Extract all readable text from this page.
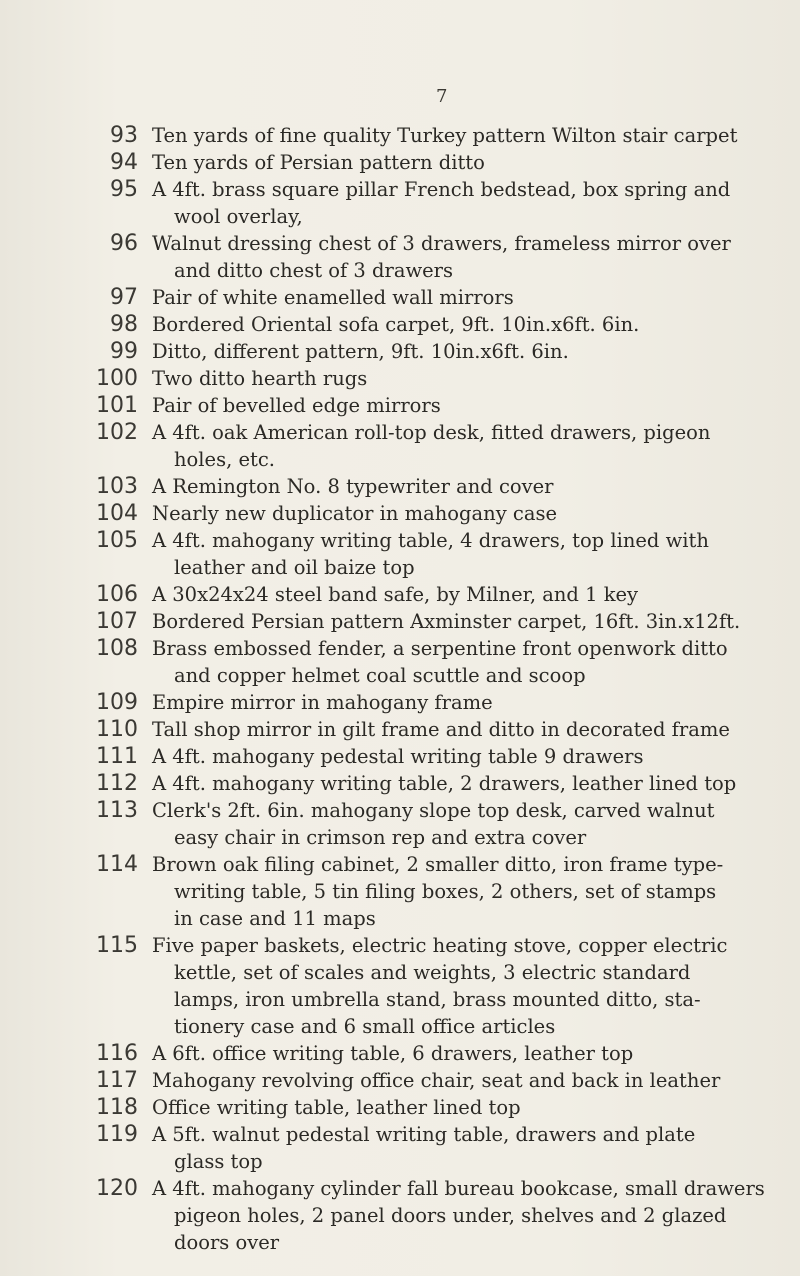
7
93 Ten yards of fine quality Turkey pattern Wilton stair carpet
94 Ten yards of Persian pattern ditto
95 A 4ft. brass square pillar French bedstead, box spring and
wool overlay,
96 Walnut dressing chest of 3 drawers, frameless mirror over
and ditto chest of 3 drawers
97 Pair of white enamelled wall mirrors
98 Bordered Oriental sofa carpet, 9ft. 10in.x6ft. 6in.
99 Ditto, different pattern, 9ft. 10in.x6ft. 6in.
100 Two ditto hearth rugs
101 Pair of bevelled edge mirrors
102 A 4ft. oak American roll-top desk, fitted drawers, pigeon
holes, etc.
103 A Remington No. 8 typewriter and cover
104 Nearly new duplicator in mahogany case
105 A 4ft. mahogany writing table, 4 drawers, top lined with
leather and oil baize top
106 A 30x24x24 steel band safe, by Milner, and 1 key
107 Bordered Persian pattern Axminster carpet, 16ft. 3in.x12ft.
108 Brass embossed fender, a serpentine front openwork ditto
and copper helmet coal scuttle and scoop
109 Empire mirror in mahogany frame
110 Tall shop mirror in gilt frame and ditto in decorated frame
111 A 4ft. mahogany pedestal writing table 9 drawers
112 A 4ft. mahogany writing table, 2 drawers, leather lined top
113 Clerk's 2ft. 6in. mahogany slope top desk, carved walnut
easy chair in crimson rep and extra cover
114 Brown oak filing cabinet, 2 smaller ditto, iron frame type-
writing table, 5 tin filing boxes, 2 others, set of stamps
in case and 11 maps
115 Five paper baskets, electric heating stove, copper electric
kettle, set of scales and weights, 3 electric standard
lamps, iron umbrella stand, brass mounted ditto, sta-
tionery case and 6 small office articles
116 A 6ft. office writing table, 6 drawers, leather top
117 Mahogany revolving office chair, seat and back in leather
118 Office writing table, leather lined top
119 A 5ft. walnut pedestal writing table, drawers and plate
glass top
120 A 4ft. mahogany cylinder fall bureau bookcase, small drawers
pigeon holes, 2 panel doors under, shelves and 2 glazed
doors over
